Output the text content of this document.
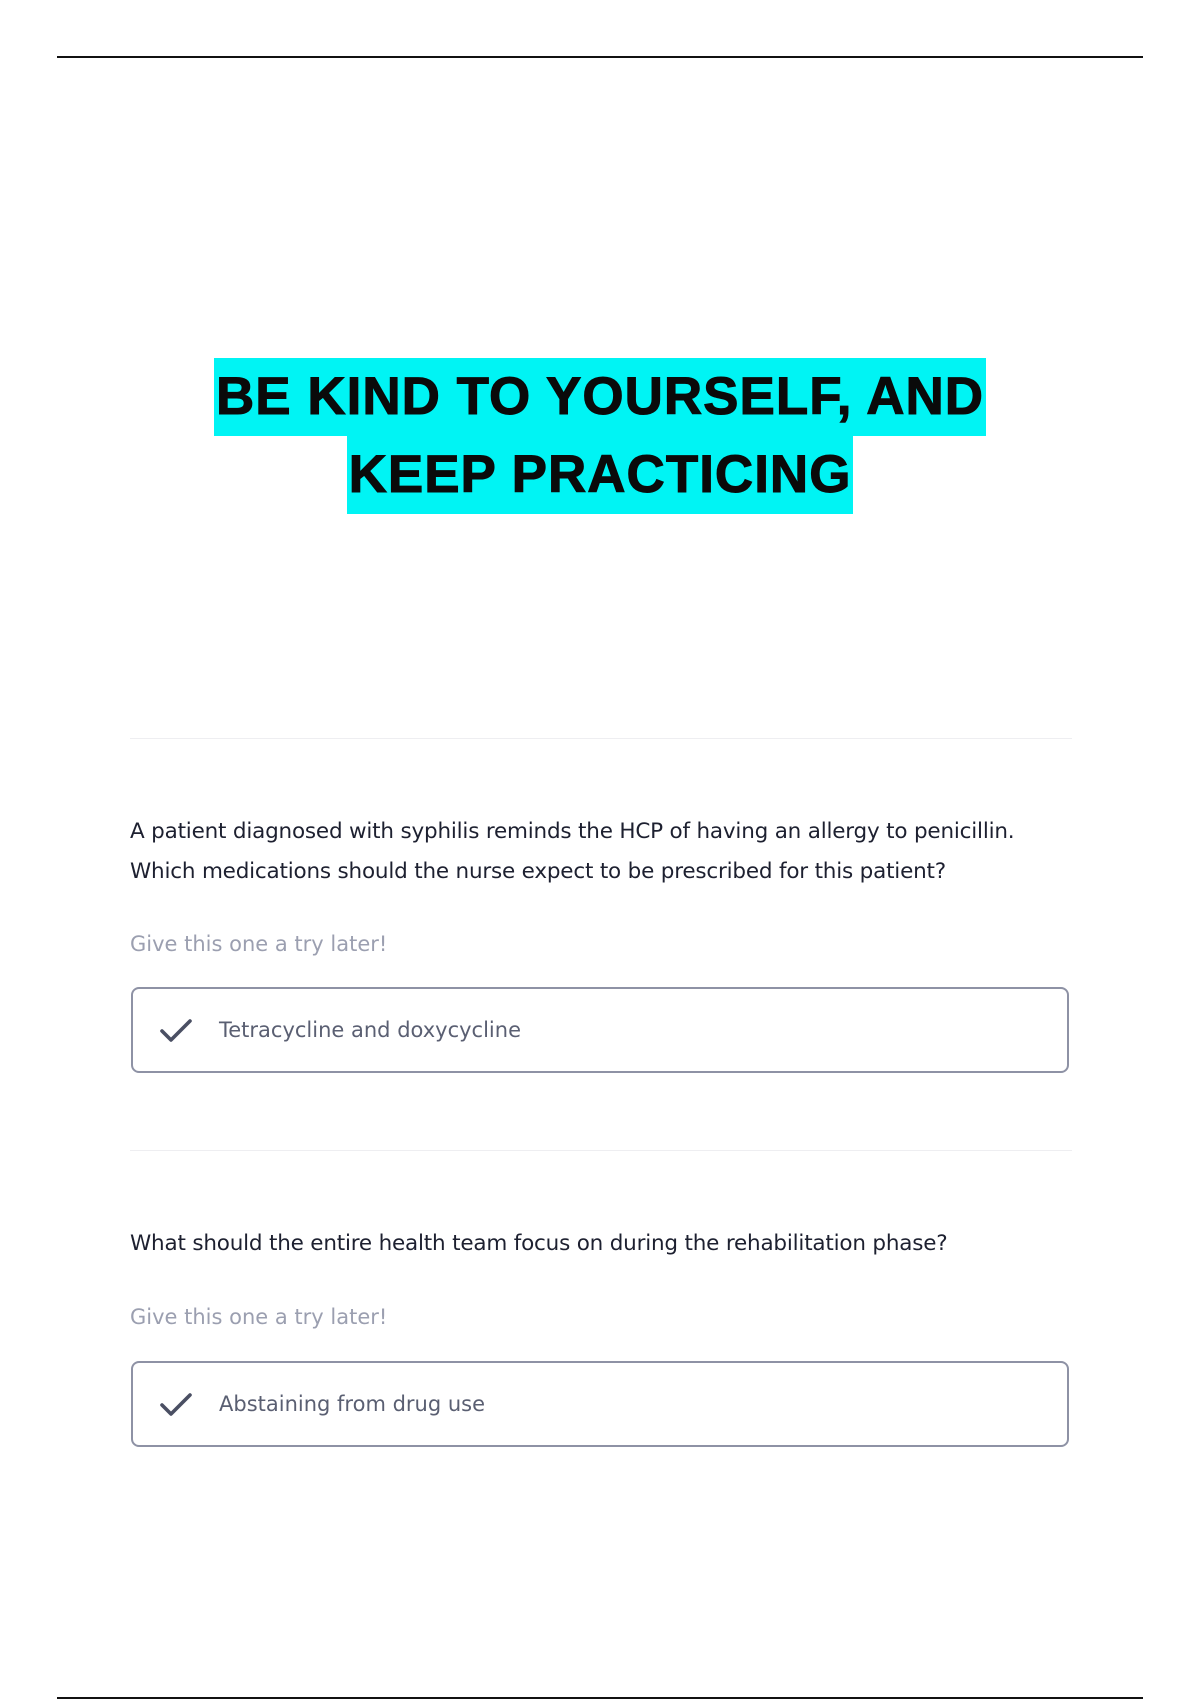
BE KIND TO YOURSELF, AND
KEEP PRACTICING
A patient diagnosed with syphilis reminds the HCP of having an allergy to penicillin.
Which medications should the nurse expect to be prescribed for this patient?
Give this one a try later!
Tetracycline and doxycycline
What should the entire health team focus on during the rehabilitation phase?
Give this one a try later!
Abstaining from drug use
